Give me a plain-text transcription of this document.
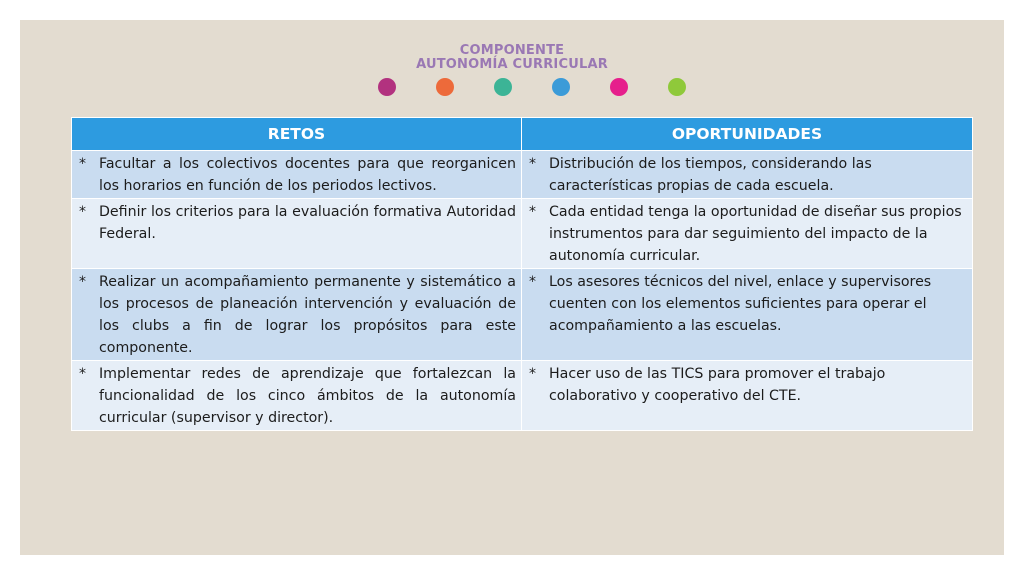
COMPONENTE
AUTONOMÍA CURRICULAR
RETOS	OPORTUNIDADES

* Facultar a los colectivos docentes para que reorganicen los horarios en función de los periodos lectivos.	* Distribución de los tiempos, considerando las características propias de cada escuela.

* Definir los criterios para la evaluación formativa Autoridad Federal.	* Cada entidad tenga la oportunidad de diseñar sus propios instrumentos para dar seguimiento del impacto de la autonomía curricular.

* Realizar un acompañamiento permanente y sistemático a los procesos de planeación intervención y evaluación de los clubs a fin de lograr los propósitos para este componente.	* Los asesores técnicos del nivel, enlace y supervisores cuenten con los elementos suficientes para operar el acompañamiento a las escuelas.

* Implementar redes de aprendizaje que fortalezcan la funcionalidad de los cinco ámbitos de la autonomía curricular (supervisor y director).	* Hacer uso de las TICS para promover el trabajo colaborativo y cooperativo del CTE.
